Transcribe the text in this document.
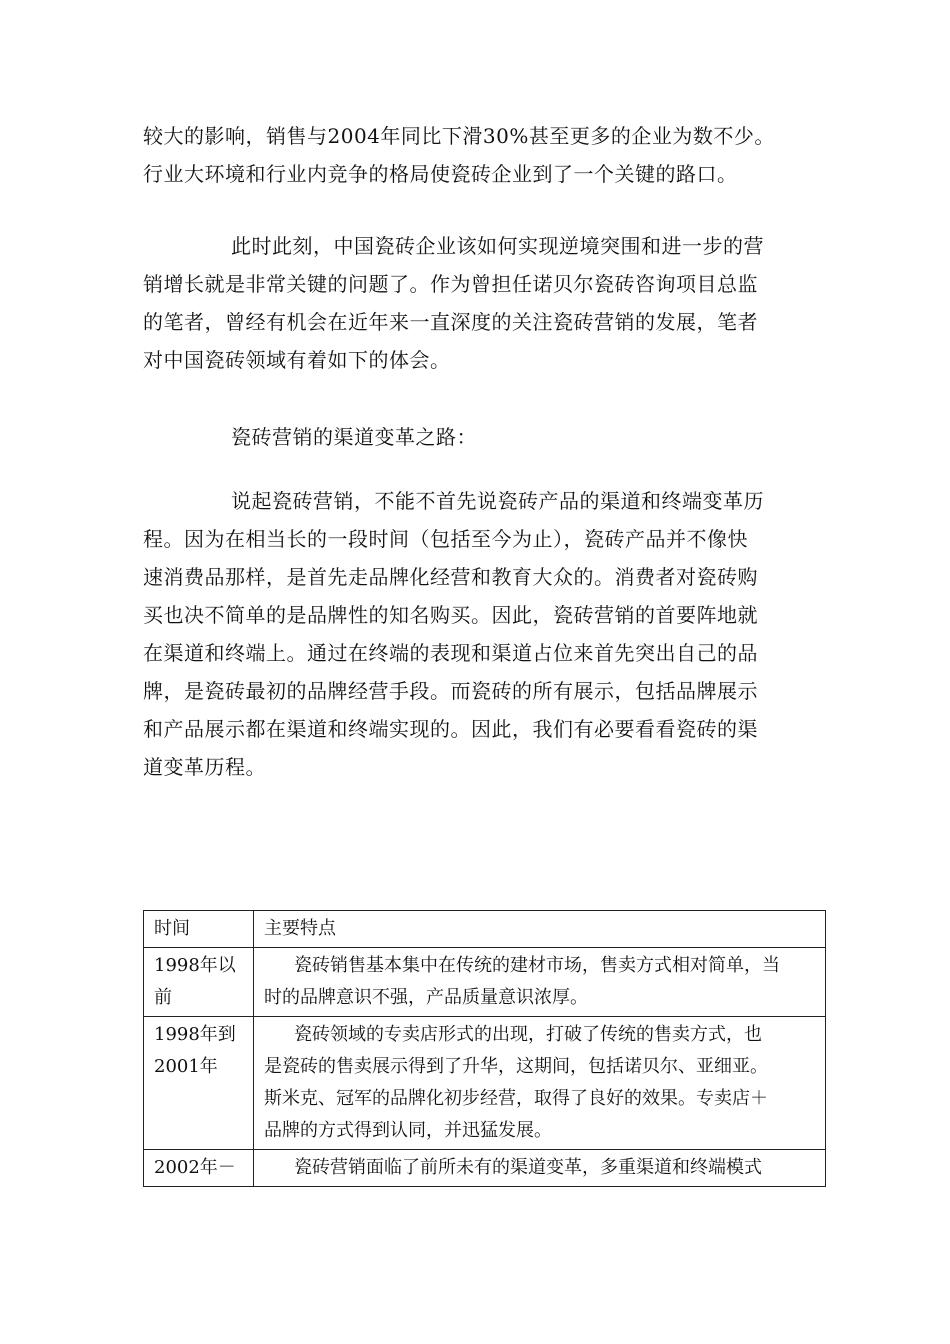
较大的影响，销售与2004年同比下滑30%甚至更多的企业为数不少。
行业大环境和行业内竞争的格局使瓷砖企业到了一个关键的路口。

此时此刻，中国瓷砖企业该如何实现逆境突围和进一步的营
销增长就是非常关键的问题了。作为曾担任诺贝尔瓷砖咨询项目总监
的笔者，曾经有机会在近年来一直深度的关注瓷砖营销的发展，笔者
对中国瓷砖领域有着如下的体会。

瓷砖营销的渠道变革之路：

说起瓷砖营销，不能不首先说瓷砖产品的渠道和终端变革历
程。因为在相当长的一段时间（包括至今为止），瓷砖产品并不像快
速消费品那样，是首先走品牌化经营和教育大众的。消费者对瓷砖购
买也决不简单的是品牌性的知名购买。因此，瓷砖营销的首要阵地就
在渠道和终端上。通过在终端的表现和渠道占位来首先突出自己的品
牌，是瓷砖最初的品牌经营手段。而瓷砖的所有展示，包括品牌展示
和产品展示都在渠道和终端实现的。因此，我们有必要看看瓷砖的渠
道变革历程。

时间	主要特点

1998年以
前	瓷砖销售基本集中在传统的建材市场，售卖方式相对简单，当
时的品牌意识不强，产品质量意识浓厚。

1998年到
2001年	瓷砖领域的专卖店形式的出现，打破了传统的售卖方式，也
是瓷砖的售卖展示得到了升华，这期间，包括诺贝尔、亚细亚。
斯米克、冠军的品牌化初步经营，取得了良好的效果。专卖店＋
品牌的方式得到认同，并迅猛发展。

2002年－	瓷砖营销面临了前所未有的渠道变革，多重渠道和终端模式
